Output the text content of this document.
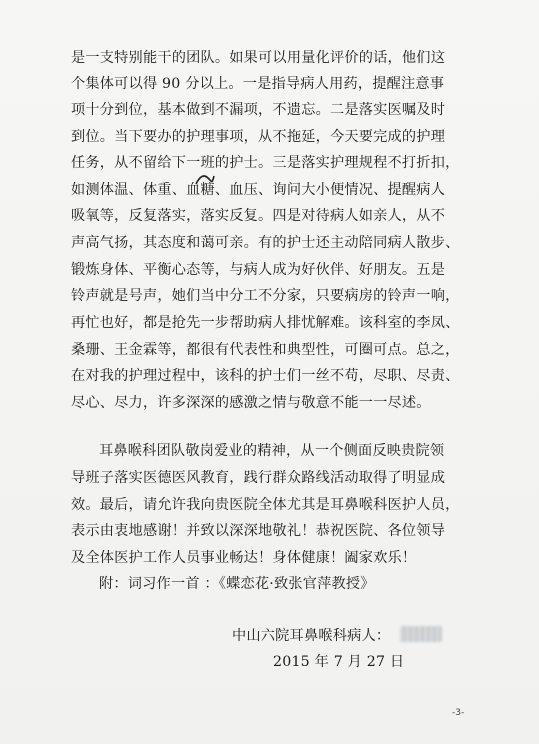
是一支特别能干的团队。如果可以用量化评价的话，他们这
个集体可以得 90 分以上。一是指导病人用药，提醒注意事
项十分到位，基本做到不漏项，不遗忘。二是落实医嘱及时
到位。当下要办的护理事项，从不拖延，今天要完成的护理
任务，从不留给下一班的护士。三是落实护理规程不打折扣，
如测体温、体重、血糖、血压、询问大小便情况、提醒病人
吸氧等，反复落实，落实反复。四是对待病人如亲人，从不
声高气扬，其态度和蔼可亲。有的护士还主动陪同病人散步、
锻炼身体、平衡心态等，与病人成为好伙伴、好朋友。五是
铃声就是号声，她们当中分工不分家，只要病房的铃声一响，
再忙也好，都是抢先一步帮助病人排忧解难。该科室的李凤、
桑珊、王金霖等，都很有代表性和典型性，可圈可点。总之，
在对我的护理过程中，该科的护士们一丝不苟，尽职、尽责、
尽心、尽力，许多深深的感激之情与敬意不能一一尽述。
耳鼻喉科团队敬岗爱业的精神，从一个侧面反映贵院领
导班子落实医德医风教育，践行群众路线活动取得了明显成
效。最后，请允许我向贵医院全体尤其是耳鼻喉科医护人员，
表示由衷地感谢！并致以深深地敬礼！恭祝医院、各位领导
及全体医护工作人员事业畅达！身体健康！阖家欢乐！
附：词习作一首 ：《蝶恋花·致张官萍教授》
中山六院耳鼻喉科病人：
2015 年 7 月 27 日
-3-
